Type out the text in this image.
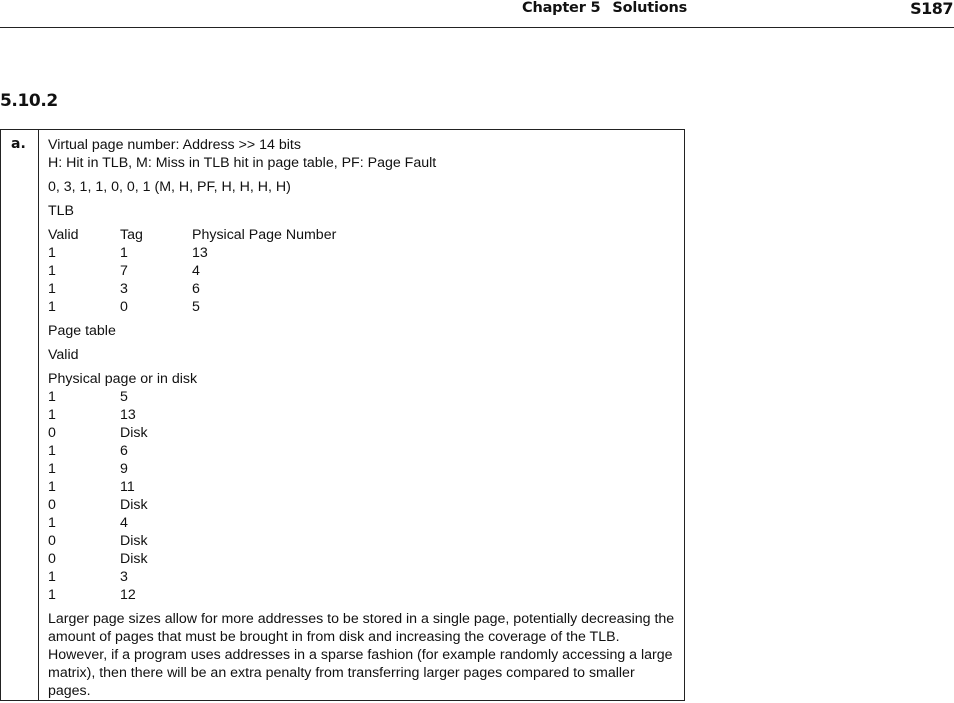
Chapter 5 Solutions	S187
5.10.2
a. Virtual page number: Address >> 14 bits

H: Hit in TLB, M: Miss in TLB hit in page table, PF: Page Fault

0, 3, 1, 1, 0, 0, 1 (M, H, PF, H, H, H, H)

TLB

Valid	Tag	Physical Page Number
1	1	13
1	7	4
1	3	6
1	0	5

Page table

Valid

Physical page or in disk

1	5
1	13
0	Disk
1	6
1	9
1	11
0	Disk
1	4
0	Disk
0	Disk
1	3
1	12

Larger page sizes allow for more addresses to be stored in a single page, potentially decreasing the amount of pages that must be brought in from disk and increasing the coverage of the TLB. However, if a program uses addresses in a sparse fashion (for example randomly accessing a large matrix), then there will be an extra penalty from transferring larger pages compared to smaller pages.
